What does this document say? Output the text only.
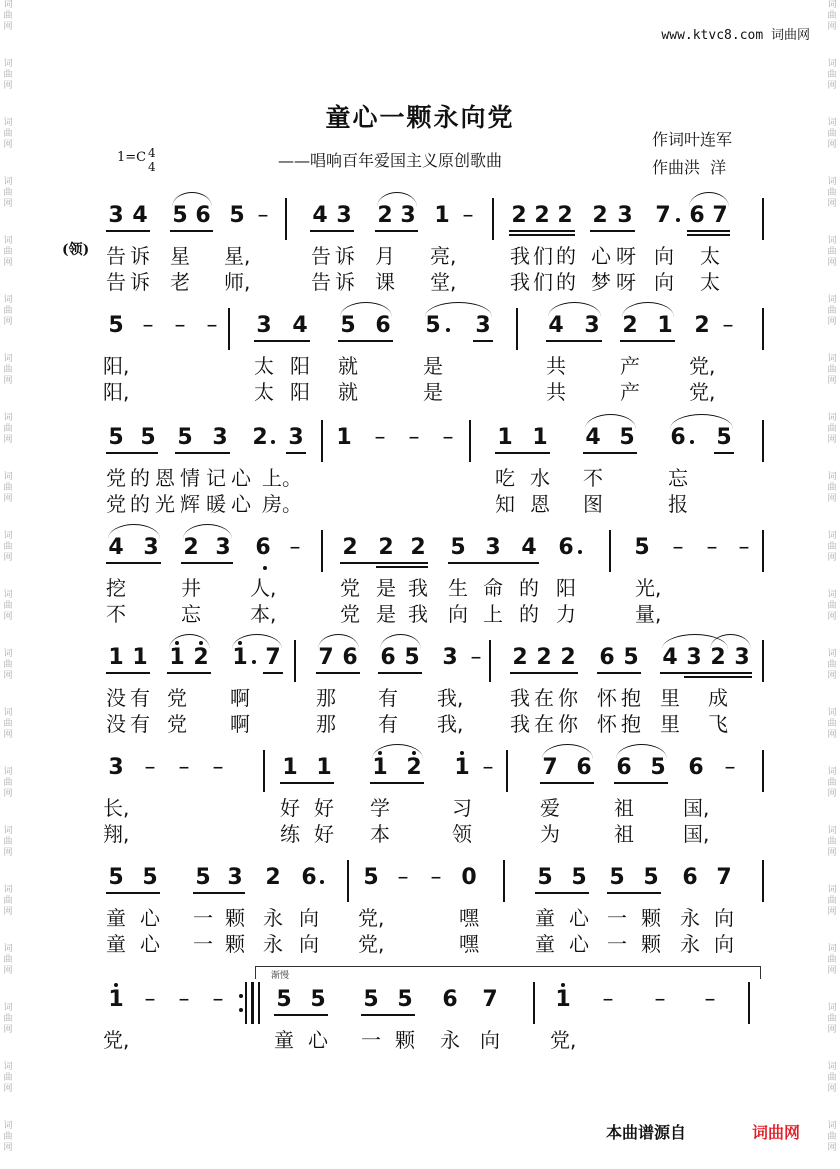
词
曲
网
词
曲
网
词
曲
网
词
曲
网
词
曲
网
词
曲
网
词
曲
网
词
曲
网
词
曲
网
词
曲
网
词
曲
网
词
曲
网
词
曲
网
词
曲
网
词
曲
网
词
曲
网
词
曲
网
词
曲
网
词
曲
网
词
曲
网
词
曲
网
词
曲
网
词
曲
网
词
曲
网
词
曲
网
词
曲
网
词
曲
网
词
曲
网
词
曲
网
词
曲
网
词
曲
网
词
曲
网
词
曲
网
词
曲
网
词
曲
网
词
曲
网
词
曲
网
词
曲
网
词
曲
网
词
曲
网
www.ktvc8.com 词曲网
童心一颗永向党
——唱响百年爱国主义原创歌曲
1=C 4
4
作词叶连军
作曲洪  洋
(领)
3 4 5 6 5 – 4 3 2 3 1 – 2 2 2 2 3 7 6 7
告 诉 星 星,	告 诉 月 亮,	我 们 的 心 呀 向 太
告 诉 老 师,	告 诉 课 堂,	我 们 的 梦 呀 向 太
5 – – – 3 4 5 6 5 3	4 3 2 1 2 –
阳,	太 阳 就	是	共	产 党,
阳,	太 阳 就	是	共	产 党,
5 5 5 3 2 3 1 – – – 1 1 4 5 6 5
党 的 恩 情 记 心 上。	吃 水 不	忘
党 的 光 辉 暖 心 房。	知 恩 图	报
4 3 2 3 6 – 2 2 2 5 3 4 6	5 – – –
挖	井 人,	党 是 我 生 命 的 阳	光,
不	忘 本,	党 是 我 向 上 的 力	量,
1 1 1 2 1 7 7 6 6 5 3 – 2 2 2 6 5 4 3 2 3
没 有 党 啊	那 有 我, 我 在 你 怀 抱 里 成
没 有 党 啊	那 有 我, 我 在 你 怀 抱 里 飞
3 – – –	1 1 1 2 1 – 7 6 6 5 6 –
长,	好 好 学	习	爱	祖 国,
翔,	练 好 本	领	为	祖 国,
5 5 5 3 2 6 5 – – 0	5 5 5 5 6 7
童 心 一 颗 永 向 党,	嘿	童 心 一 颗 永 向
童 心 一 颗 永 向 党,	嘿	童 心 一 颗 永 向
1 – – – 5 5 5 5 6 7	1 – – –
党,	童 心 一 颗 永 向	党,
渐慢
本曲谱源自	词曲网
